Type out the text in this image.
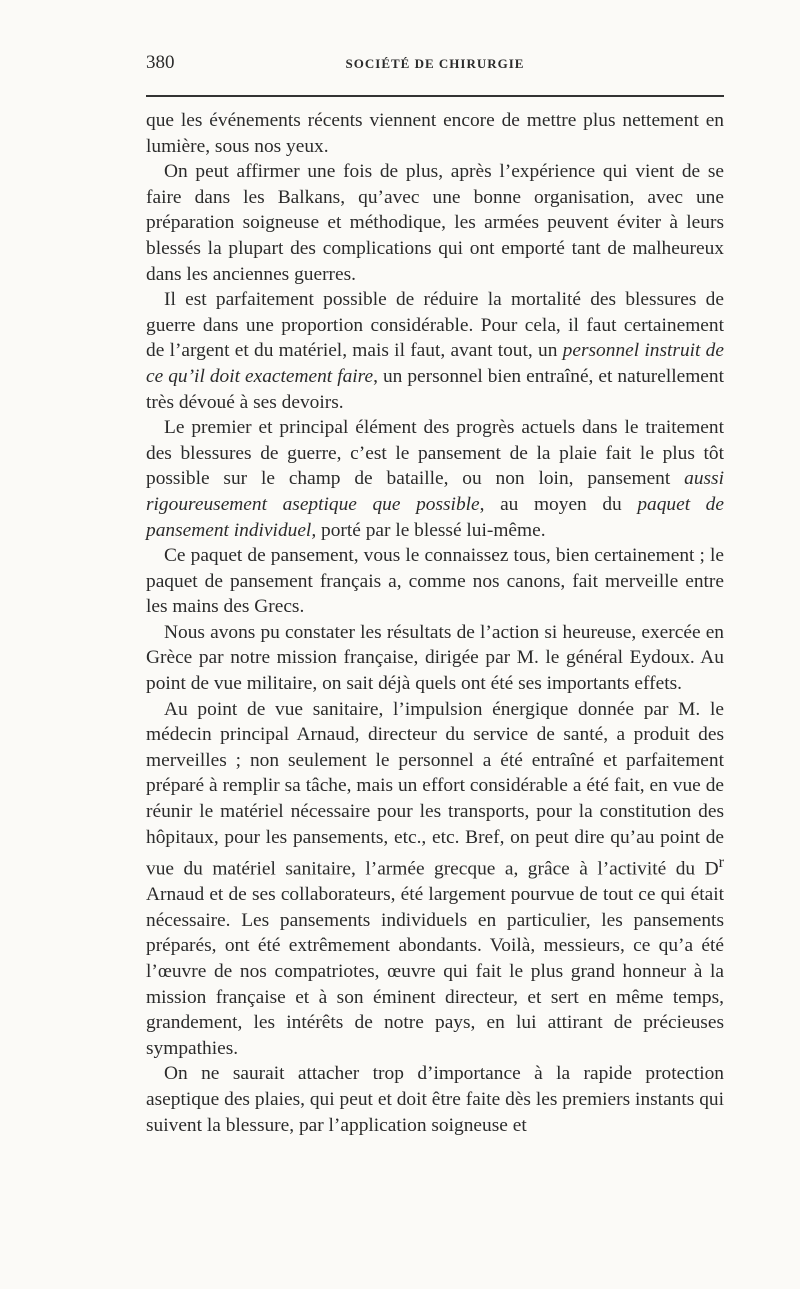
380	SOCIÉTÉ DE CHIRURGIE

que les événements récents viennent encore de mettre plus nettement en lumière, sous nos yeux.

On peut affirmer une fois de plus, après l’expérience qui vient de se faire dans les Balkans, qu’avec une bonne organisation, avec une préparation soigneuse et méthodique, les armées peuvent éviter à leurs blessés la plupart des complications qui ont emporté tant de malheureux dans les anciennes guerres.

Il est parfaitement possible de réduire la mortalité des blessures de guerre dans une proportion considérable. Pour cela, il faut certainement de l’argent et du matériel, mais il faut, avant tout, un personnel instruit de ce qu’il doit exactement faire, un personnel bien entraîné, et naturellement très dévoué à ses devoirs.

Le premier et principal élément des progrès actuels dans le traitement des blessures de guerre, c’est le pansement de la plaie fait le plus tôt possible sur le champ de bataille, ou non loin, pansement aussi rigoureusement aseptique que possible, au moyen du paquet de pansement individuel, porté par le blessé lui-même.

Ce paquet de pansement, vous le connaissez tous, bien certainement ; le paquet de pansement français a, comme nos canons, fait merveille entre les mains des Grecs.

Nous avons pu constater les résultats de l’action si heureuse, exercée en Grèce par notre mission française, dirigée par M. le général Eydoux. Au point de vue militaire, on sait déjà quels ont été ses importants effets.

Au point de vue sanitaire, l’impulsion énergique donnée par M. le médecin principal Arnaud, directeur du service de santé, a produit des merveilles ; non seulement le personnel a été entraîné et parfaitement préparé à remplir sa tâche, mais un effort considérable a été fait, en vue de réunir le matériel nécessaire pour les transports, pour la constitution des hôpitaux, pour les pansements, etc., etc. Bref, on peut dire qu’au point de vue du matériel sanitaire, l’armée grecque a, grâce à l’activité du $D^r$ Arnaud et de ses collaborateurs, été largement pourvue de tout ce qui était nécessaire. Les pansements individuels en particulier, les pansements préparés, ont été extrêmement abondants. Voilà, messieurs, ce qu’a été l’œuvre de nos compatriotes, œuvre qui fait le plus grand honneur à la mission française et à son éminent directeur, et sert en même temps, grandement, les intérêts de notre pays, en lui attirant de précieuses sympathies.

On ne saurait attacher trop d’importance à la rapide protection aseptique des plaies, qui peut et doit être faite dès les premiers instants qui suivent la blessure, par l’application soigneuse et
